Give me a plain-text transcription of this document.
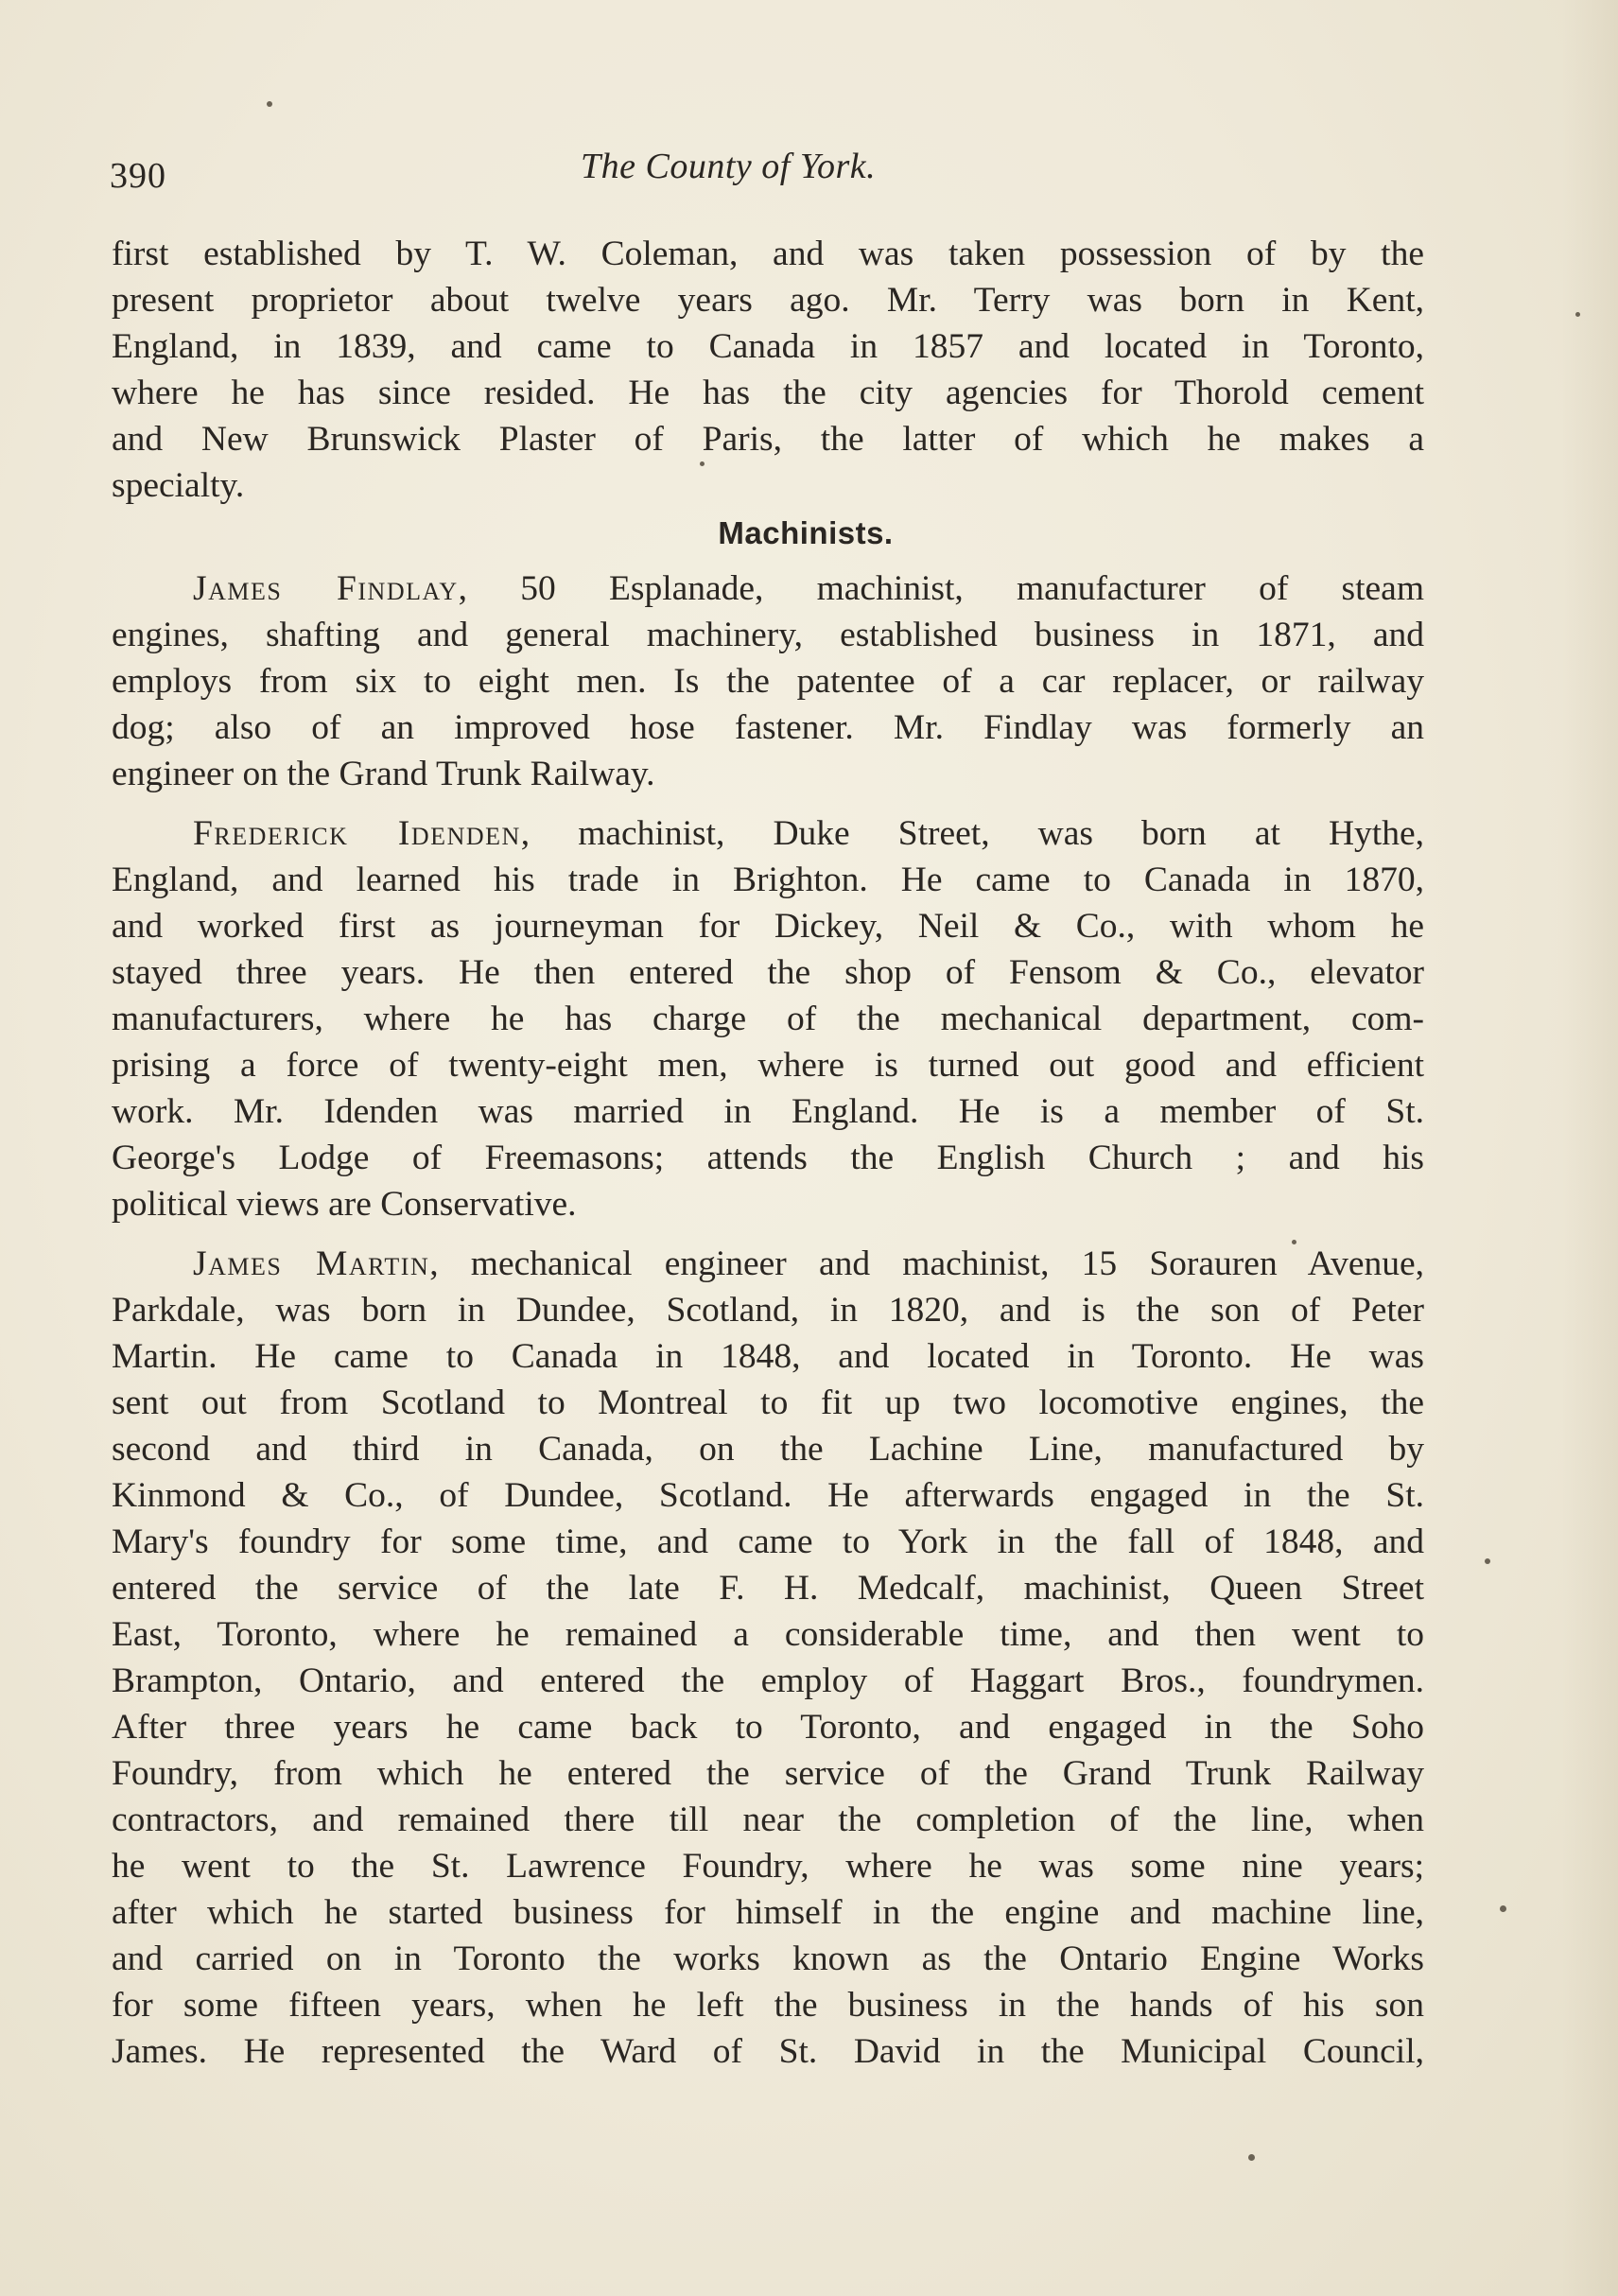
390	The County of York.
first established by T. W. Coleman, and was taken possession of by the
present proprietor about twelve years ago. Mr. Terry was born in Kent,
England, in 1839, and came to Canada in 1857 and located in Toronto,
where he has since resided. He has the city agencies for Thorold cement
and New Brunswick Plaster of Paris, the latter of which he makes a
specialty.
Machinists.
James Findlay, 50 Esplanade, machinist, manufacturer of steam
engines, shafting and general machinery, established business in 1871, and
employs from six to eight men. Is the patentee of a car replacer, or railway
dog; also of an improved hose fastener. Mr. Findlay was formerly an
engineer on the Grand Trunk Railway.
Frederick Idenden, machinist, Duke Street, was born at Hythe,
England, and learned his trade in Brighton. He came to Canada in 1870,
and worked first as journeyman for Dickey, Neil & Co., with whom he
stayed three years. He then entered the shop of Fensom & Co., elevator
manufacturers, where he has charge of the mechanical department, com-
prising a force of twenty-eight men, where is turned out good and efficient
work. Mr. Idenden was married in England. He is a member of St.
George's Lodge of Freemasons; attends the English Church ; and his
political views are Conservative.
James Martin, mechanical engineer and machinist, 15 Sorauren Avenue,
Parkdale, was born in Dundee, Scotland, in 1820, and is the son of Peter
Martin. He came to Canada in 1848, and located in Toronto. He was
sent out from Scotland to Montreal to fit up two locomotive engines, the
second and third in Canada, on the Lachine Line, manufactured by
Kinmond & Co., of Dundee, Scotland. He afterwards engaged in the St.
Mary's foundry for some time, and came to York in the fall of 1848, and
entered the service of the late F. H. Medcalf, machinist, Queen Street
East, Toronto, where he remained a considerable time, and then went to
Brampton, Ontario, and entered the employ of Haggart Bros., foundrymen.
After three years he came back to Toronto, and engaged in the Soho
Foundry, from which he entered the service of the Grand Trunk Railway
contractors, and remained there till near the completion of the line, when
he went to the St. Lawrence Foundry, where he was some nine years;
after which he started business for himself in the engine and machine line,
and carried on in Toronto the works known as the Ontario Engine Works
for some fifteen years, when he left the business in the hands of his son
James. He represented the Ward of St. David in the Municipal Council,
